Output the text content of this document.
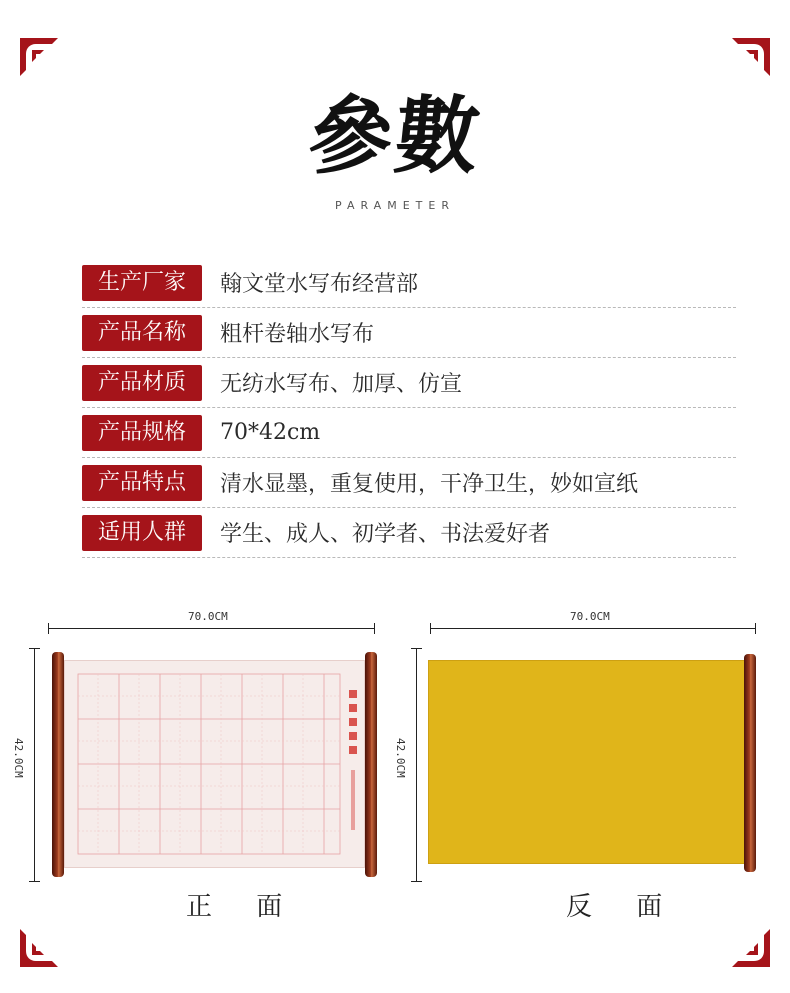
參數
PARAMETER
生产厂家	翰文堂水写布经营部
产品名称	粗杆卷轴水写布
产品材质	无纺水写布、加厚、仿宣
产品规格	70*42cm
产品特点	清水显墨，重复使用，干净卫生，妙如宣纸
适用人群	学生、成人、初学者、书法爱好者
70.0CM
42.0CM
正 面
70.0CM
42.0CM
反 面
